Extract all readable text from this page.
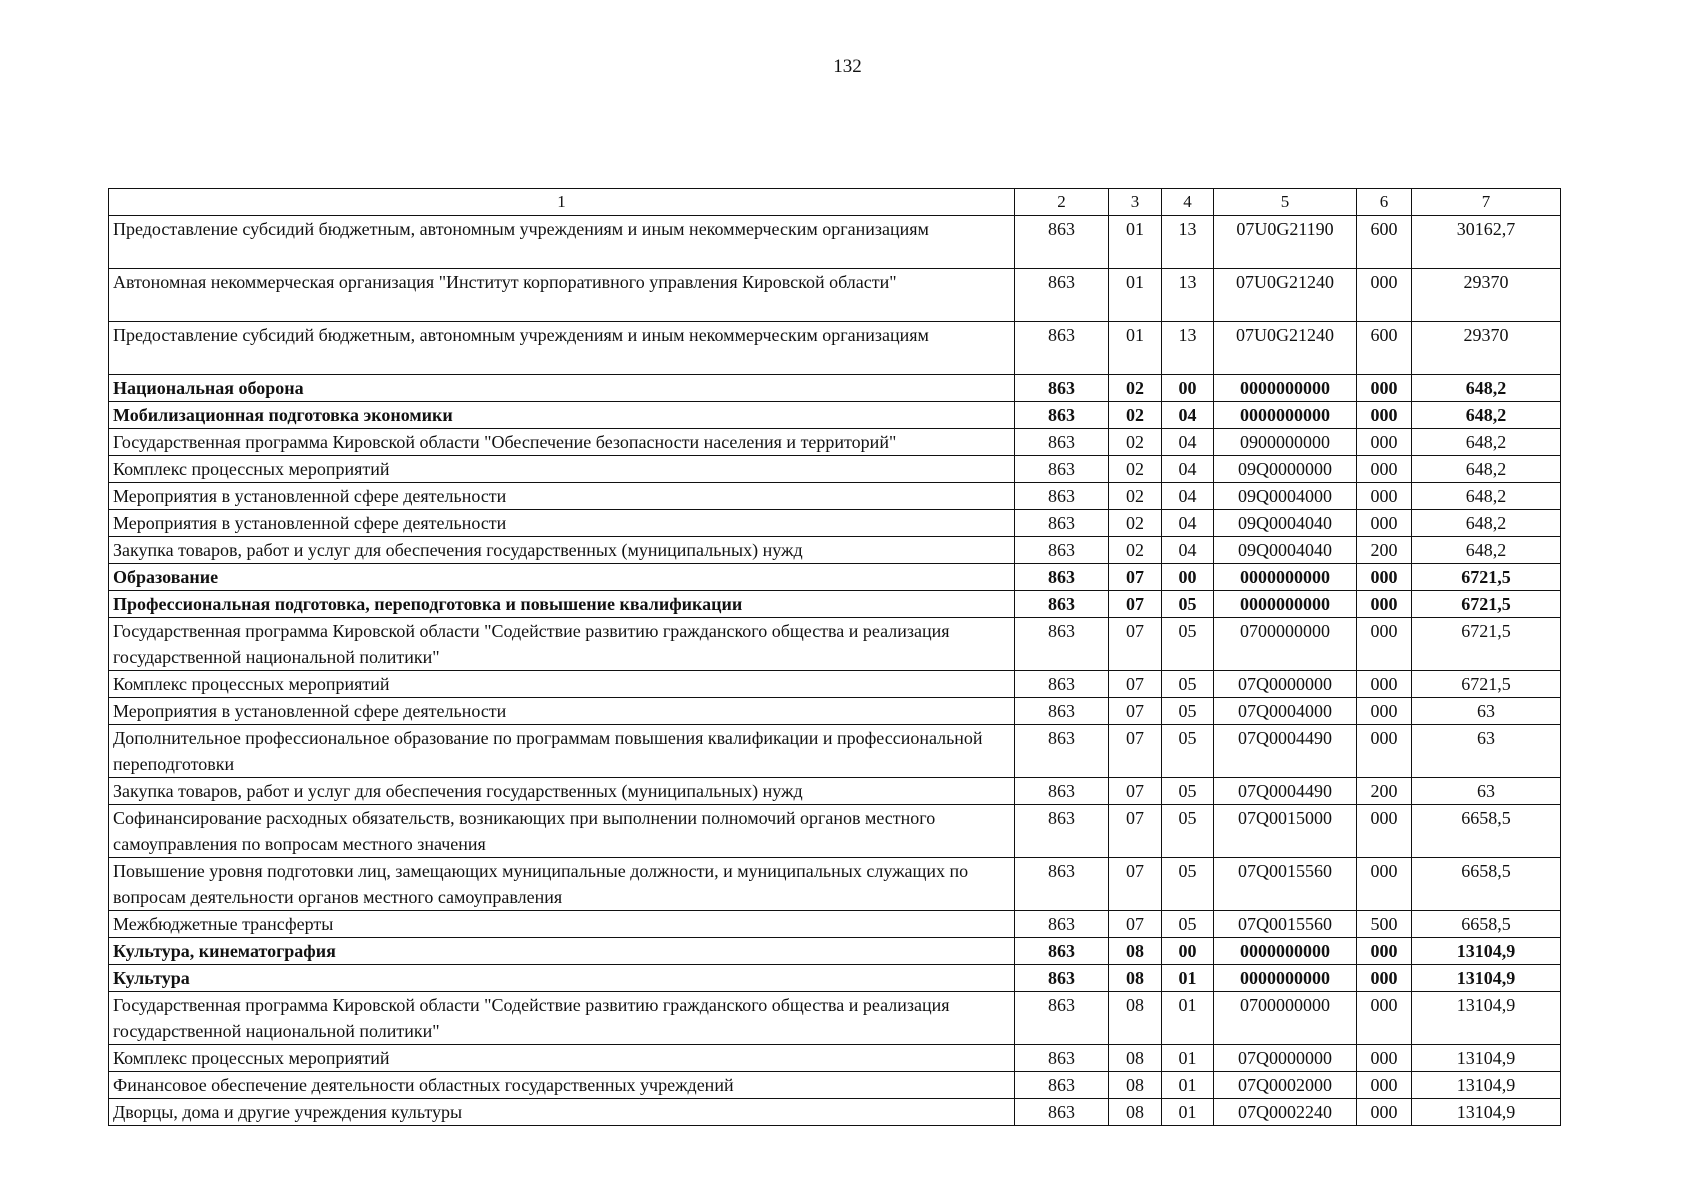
132
1	2	3	4	5	6	7
Предоставление субсидий бюджетным, автономным учреждениям и иным некоммерческим организациям	863	01	13	07U0G21190	600	30162,7
Автономная некоммерческая организация "Институт корпоративного управления Кировской области"	863	01	13	07U0G21240	000	29370
Предоставление субсидий бюджетным, автономным учреждениям и иным некоммерческим организациям	863	01	13	07U0G21240	600	29370
Национальная оборона	863	02	00	0000000000	000	648,2
Мобилизационная подготовка экономики	863	02	04	0000000000	000	648,2
Государственная программа Кировской области "Обеспечение безопасности населения и территорий"	863	02	04	0900000000	000	648,2
Комплекс процессных мероприятий	863	02	04	09Q0000000	000	648,2
Мероприятия в установленной сфере деятельности	863	02	04	09Q0004000	000	648,2
Мероприятия в установленной сфере деятельности	863	02	04	09Q0004040	000	648,2
Закупка товаров, работ и услуг для обеспечения государственных (муниципальных) нужд	863	02	04	09Q0004040	200	648,2
Образование	863	07	00	0000000000	000	6721,5
Профессиональная подготовка, переподготовка и повышение квалификации	863	07	05	0000000000	000	6721,5
Государственная программа Кировской области "Содействие развитию гражданского общества и реализация государственной национальной политики"	863	07	05	0700000000	000	6721,5
Комплекс процессных мероприятий	863	07	05	07Q0000000	000	6721,5
Мероприятия в установленной сфере деятельности	863	07	05	07Q0004000	000	63
Дополнительное профессиональное образование по программам повышения квалификации и профессиональной переподготовки	863	07	05	07Q0004490	000	63
Закупка товаров, работ и услуг для обеспечения государственных (муниципальных) нужд	863	07	05	07Q0004490	200	63
Софинансирование расходных обязательств, возникающих при выполнении полномочий органов местного самоуправления по вопросам местного значения	863	07	05	07Q0015000	000	6658,5
Повышение уровня подготовки лиц, замещающих муниципальные должности, и муниципальных служащих по вопросам деятельности органов местного самоуправления	863	07	05	07Q0015560	000	6658,5
Межбюджетные трансферты	863	07	05	07Q0015560	500	6658,5
Культура, кинематография	863	08	00	0000000000	000	13104,9
Культура	863	08	01	0000000000	000	13104,9
Государственная программа Кировской области "Содействие развитию гражданского общества и реализация государственной национальной политики"	863	08	01	0700000000	000	13104,9
Комплекс процессных мероприятий	863	08	01	07Q0000000	000	13104,9
Финансовое обеспечение деятельности областных государственных учреждений	863	08	01	07Q0002000	000	13104,9
Дворцы, дома и другие учреждения культуры	863	08	01	07Q0002240	000	13104,9
